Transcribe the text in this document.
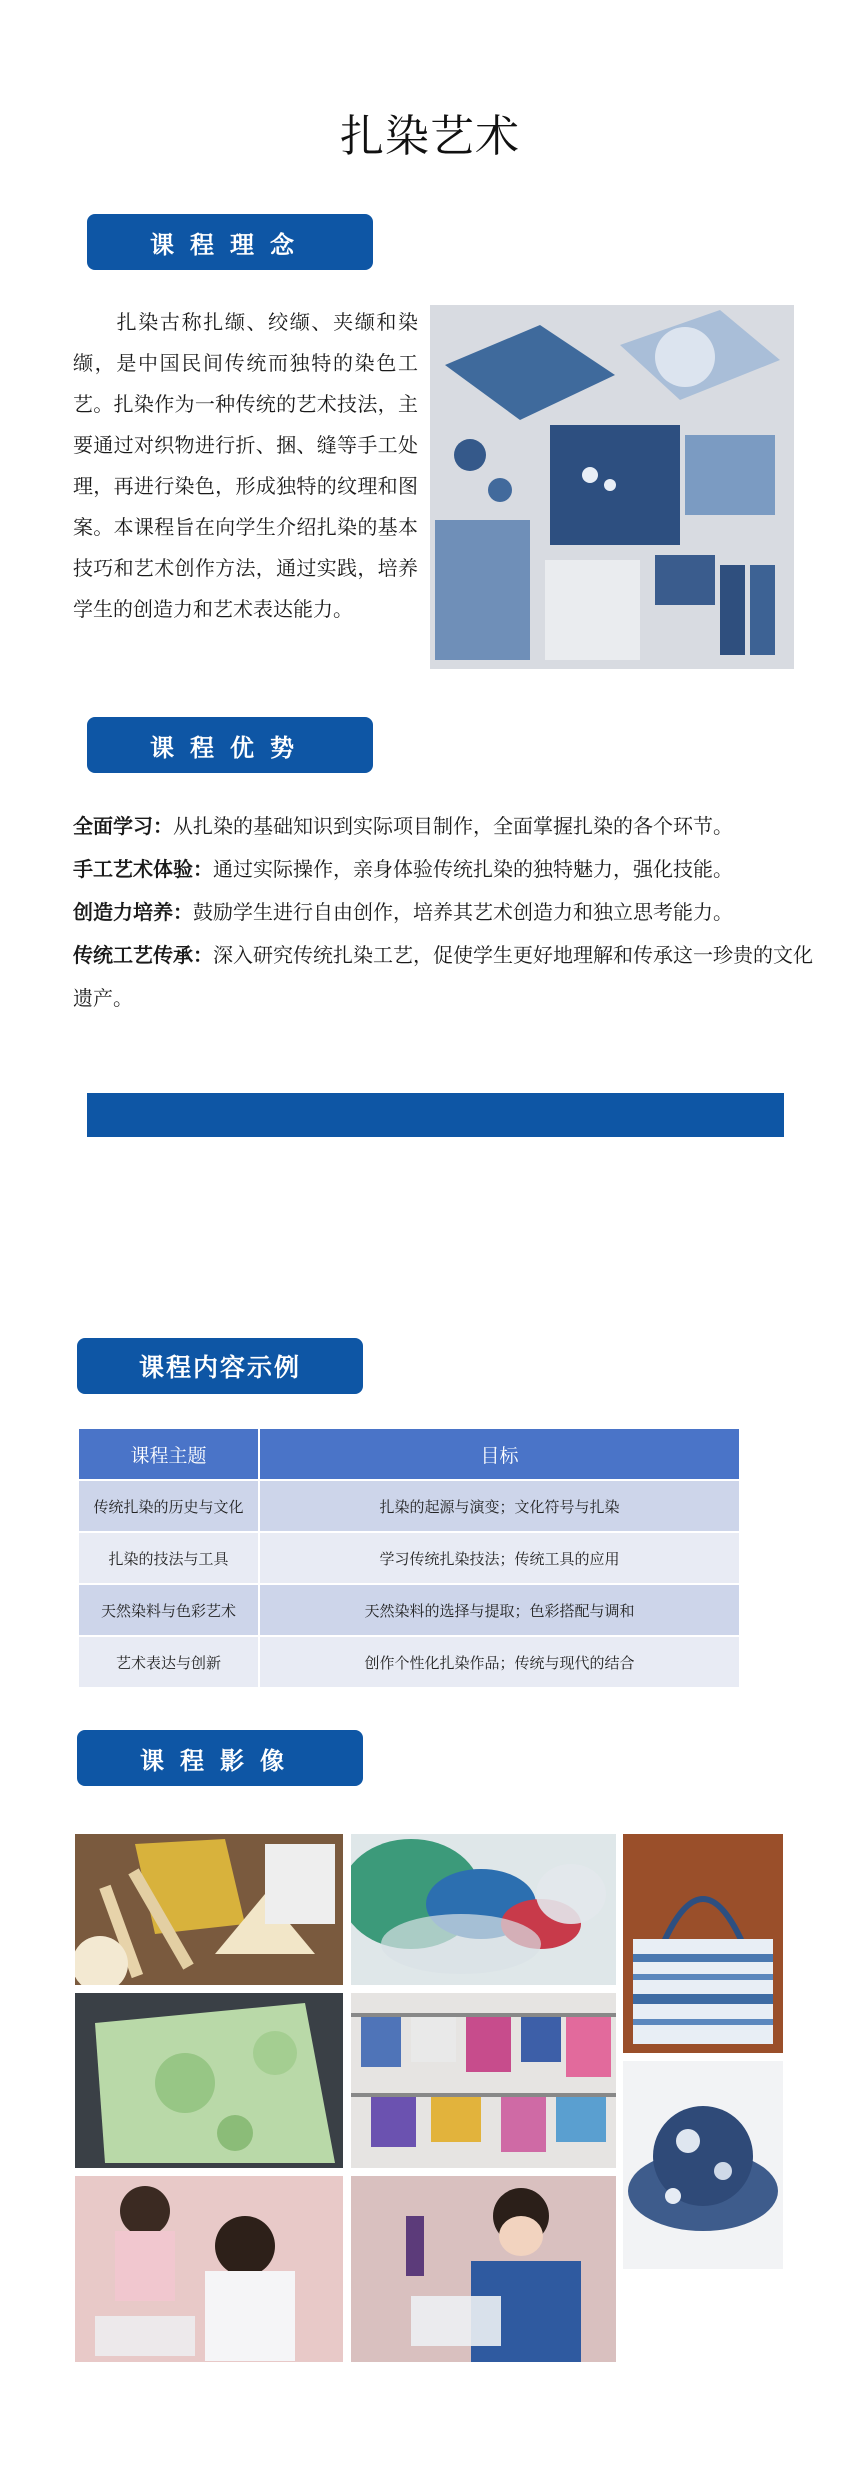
扎染艺术
课程理念
扎染古称扎缬、绞缬、夹缬和染缬，是中国民间传统而独特的染色工艺。扎染作为一种传统的艺术技法，主要通过对织物进行折、捆、缝等手工处理，再进行染色，形成独特的纹理和图案。本课程旨在向学生介绍扎染的基本技巧和艺术创作方法，通过实践，培养学生的创造力和艺术表达能力。
课程优势
全面学习：从扎染的基础知识到实际项目制作，全面掌握扎染的各个环节。
手工艺术体验：通过实际操作，亲身体验传统扎染的独特魅力，强化技能。
创造力培养：鼓励学生进行自由创作，培养其艺术创造力和独立思考能力。
传统工艺传承：深入研究传统扎染工艺，促使学生更好地理解和传承这一珍贵的文化遗产。
课程内容示例
课程主题	目标
传统扎染的历史与文化	扎染的起源与演变；文化符号与扎染
扎染的技法与工具	学习传统扎染技法；传统工具的应用
天然染料与色彩艺术	天然染料的选择与提取；色彩搭配与调和
艺术表达与创新	创作个性化扎染作品；传统与现代的结合
课程影像
